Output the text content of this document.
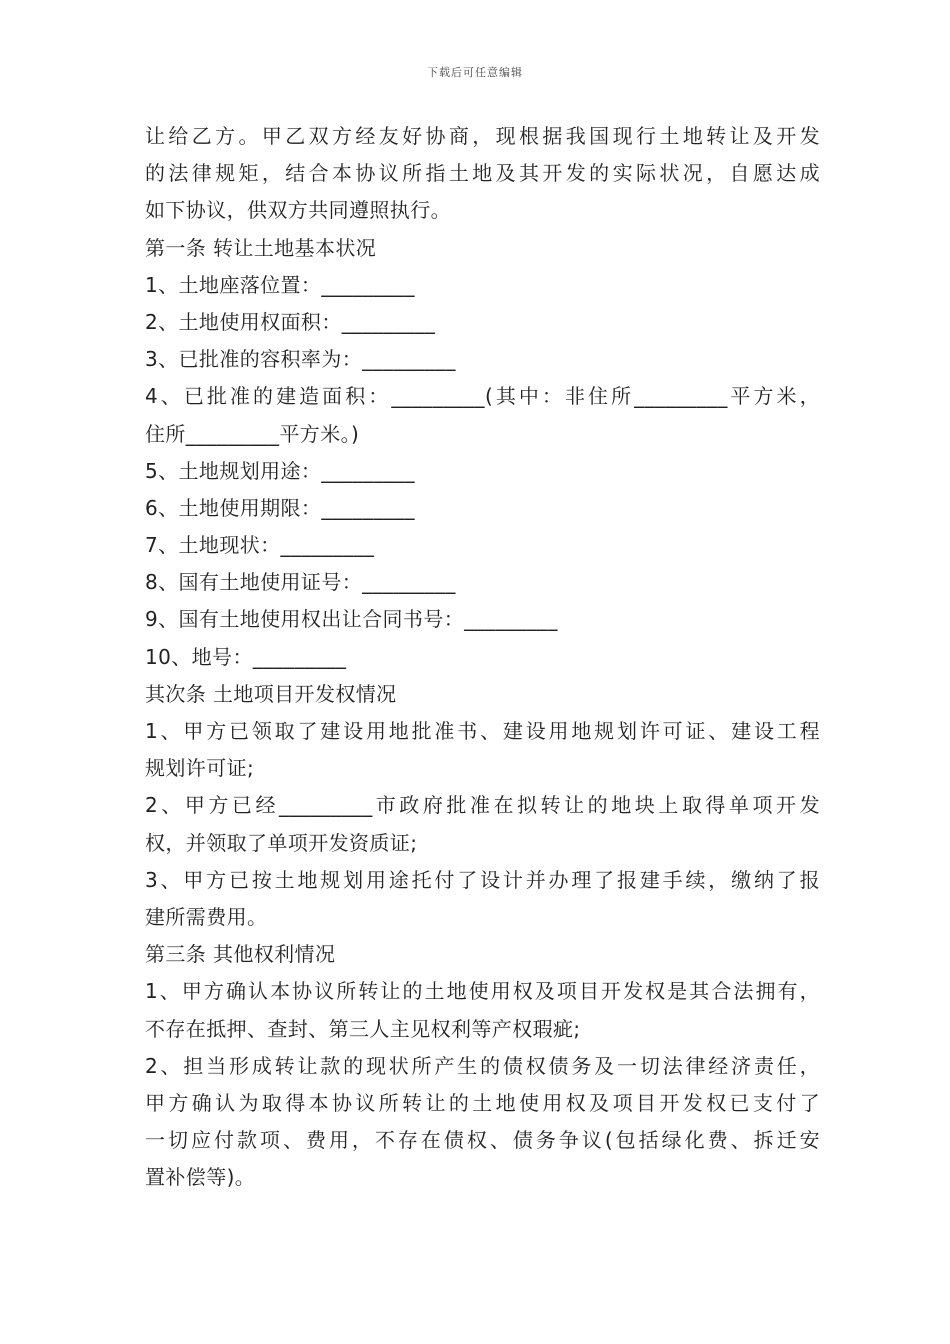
下载后可任意编辑
让给乙方。甲乙双方经友好协商，现根据我国现行土地转让及开发
的法律规矩，结合本协议所指土地及其开发的实际状况，自愿达成
如下协议，供双方共同遵照执行。
第一条 转让土地基本状况
1、土地座落位置：_________
2、土地使用权面积：_________
3、已批准的容积率为：_________
4、已批准的建造面积：_________(其中：非住所_________平方米，
住所_________平方米。)
5、土地规划用途：_________
6、土地使用期限：_________
7、土地现状：_________
8、国有土地使用证号：_________
9、国有土地使用权出让合同书号：_________
10、地号：_________
其次条 土地项目开发权情况
1、甲方已领取了建设用地批准书、建设用地规划许可证、建设工程
规划许可证;
2、甲方已经_________市政府批准在拟转让的地块上取得单项开发
权，并领取了单项开发资质证;
3、甲方已按土地规划用途托付了设计并办理了报建手续，缴纳了报
建所需费用。
第三条 其他权利情况
1、甲方确认本协议所转让的土地使用权及项目开发权是其合法拥有，
不存在抵押、查封、第三人主见权利等产权瑕疵;
2、担当形成转让款的现状所产生的债权债务及一切法律经济责任，
甲方确认为取得本协议所转让的土地使用权及项目开发权已支付了
一切应付款项、费用，不存在债权、债务争议(包括绿化费、拆迁安
置补偿等)。
